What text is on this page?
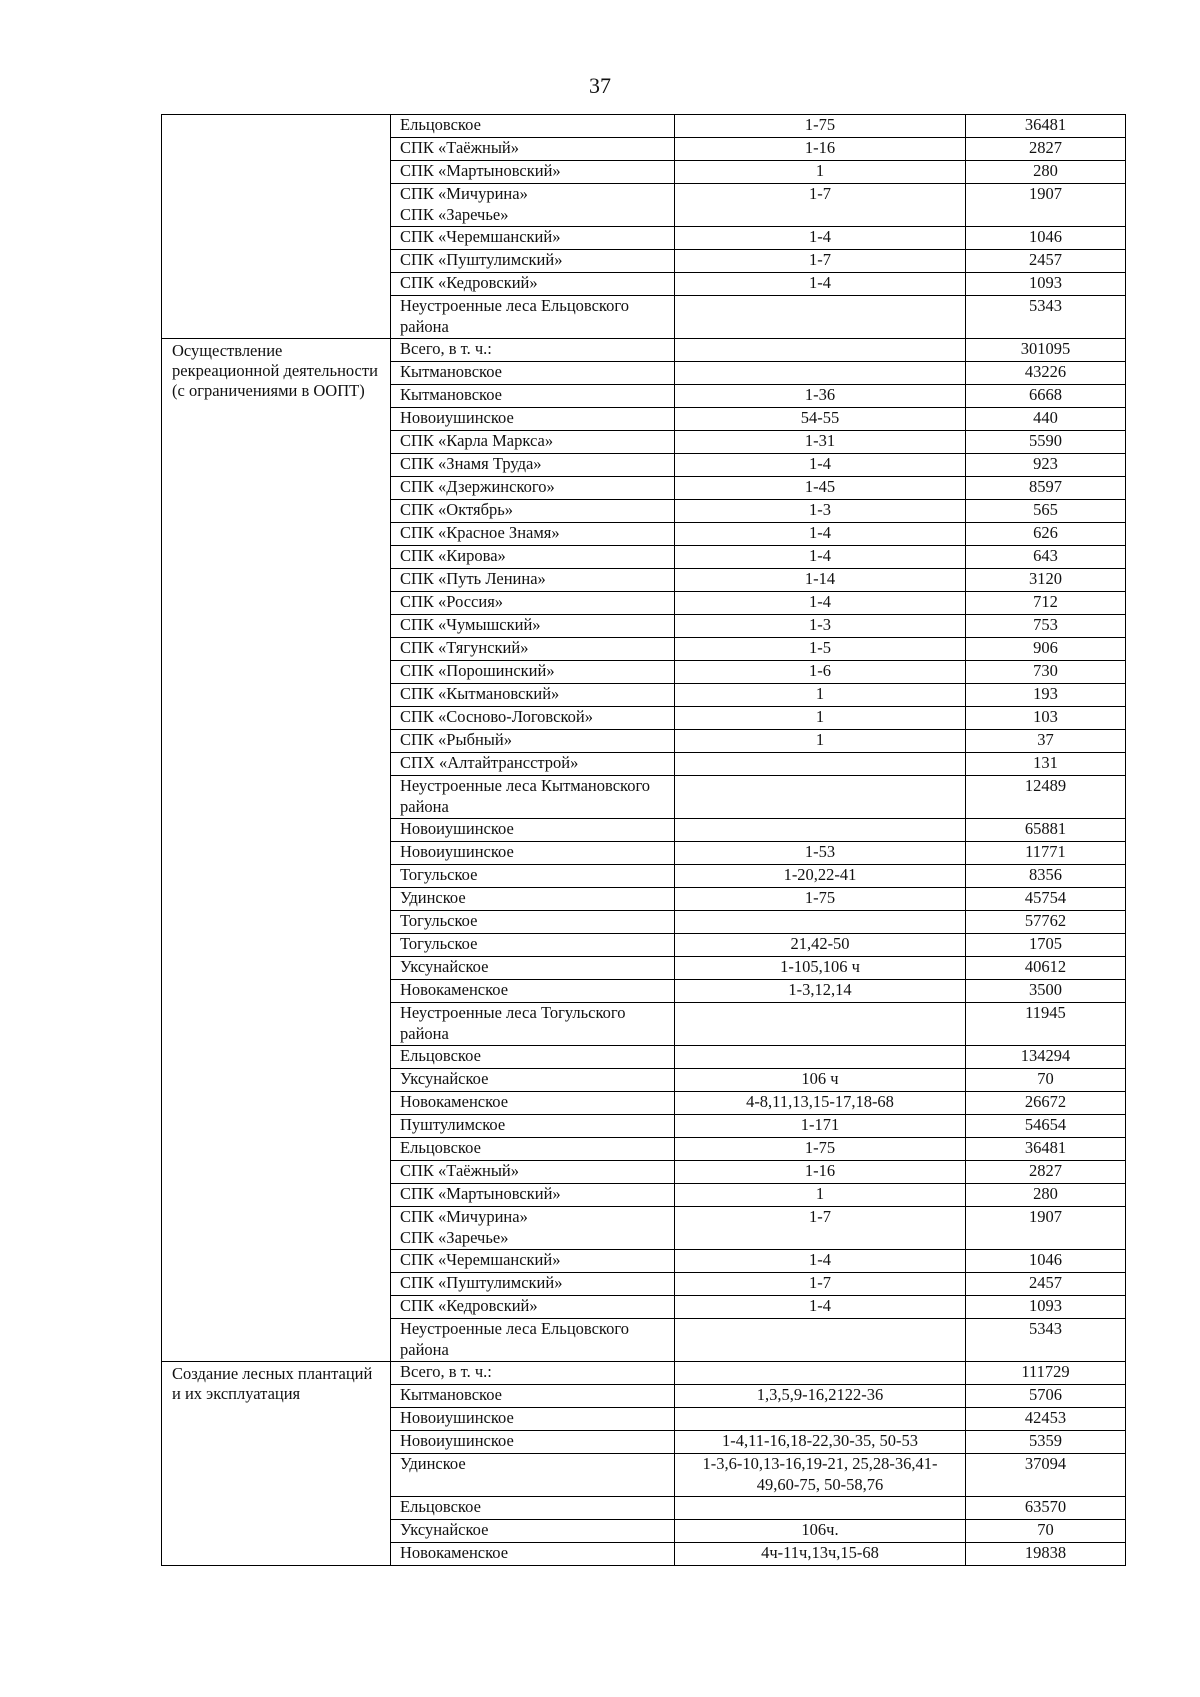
37
	Ельцовское	1-75	36481
	СПК «Таёжный»	1-16	2827
	СПК «Мартыновский»	1	280
	СПК «Мичурина»
СПК «Заречье»	1-7	1907
	СПК «Черемшанский»	1-4	1046
	СПК «Пуштулимский»	1-7	2457
	СПК «Кедровский»	1-4	1093
	Неустроенные леса Ельцовского района		5343
Осуществление рекреационной деятельности (с ограничениями в ООПТ)	Всего, в т. ч.:		301095
	Кытмановское		43226
	Кытмановское	1-36	6668
	Новоиушинское	54-55	440
	СПК «Карла Маркса»	1-31	5590
	СПК «Знамя Труда»	1-4	923
	СПК «Дзержинского»	1-45	8597
	СПК «Октябрь»	1-3	565
	СПК «Красное Знамя»	1-4	626
	СПК «Кирова»	1-4	643
	СПК «Путь Ленина»	1-14	3120
	СПК «Россия»	1-4	712
	СПК «Чумышский»	1-3	753
	СПК «Тягунский»	1-5	906
	СПК «Порошинский»	1-6	730
	СПК «Кытмановский»	1	193
	СПК «Сосново-Логовской»	1	103
	СПК «Рыбный»	1	37
	СПХ «Алтайтрансстрой»		131
	Неустроенные леса Кытмановского района		12489
	Новоиушинское		65881
	Новоиушинское	1-53	11771
	Тогульское	1-20,22-41	8356
	Удинское	1-75	45754
	Тогульское		57762
	Тогульское	21,42-50	1705
	Уксунайское	1-105,106 ч	40612
	Новокаменское	1-3,12,14	3500
	Неустроенные леса Тогульского района		11945
	Ельцовское		134294
	Уксунайское	106 ч	70
	Новокаменское	4-8,11,13,15-17,18-68	26672
	Пуштулимское	1-171	54654
	Ельцовское	1-75	36481
	СПК «Таёжный»	1-16	2827
	СПК «Мартыновский»	1	280
	СПК «Мичурина»
СПК «Заречье»	1-7	1907
	СПК «Черемшанский»	1-4	1046
	СПК «Пуштулимский»	1-7	2457
	СПК «Кедровский»	1-4	1093
	Неустроенные леса Ельцовского района		5343
Создание лесных плантаций и их эксплуатация	Всего, в т. ч.:		111729
	Кытмановское	1,3,5,9-16,2122-36	5706
	Новоиушинское		42453
	Новоиушинское	1-4,11-16,18-22,30-35, 50-53	5359
	Удинское	1-3,6-10,13-16,19-21, 25,28-36,41-49,60-75, 50-58,76	37094
	Ельцовское		63570
	Уксунайское	106ч.	70
	Новокаменское	4ч-11ч,13ч,15-68	19838
